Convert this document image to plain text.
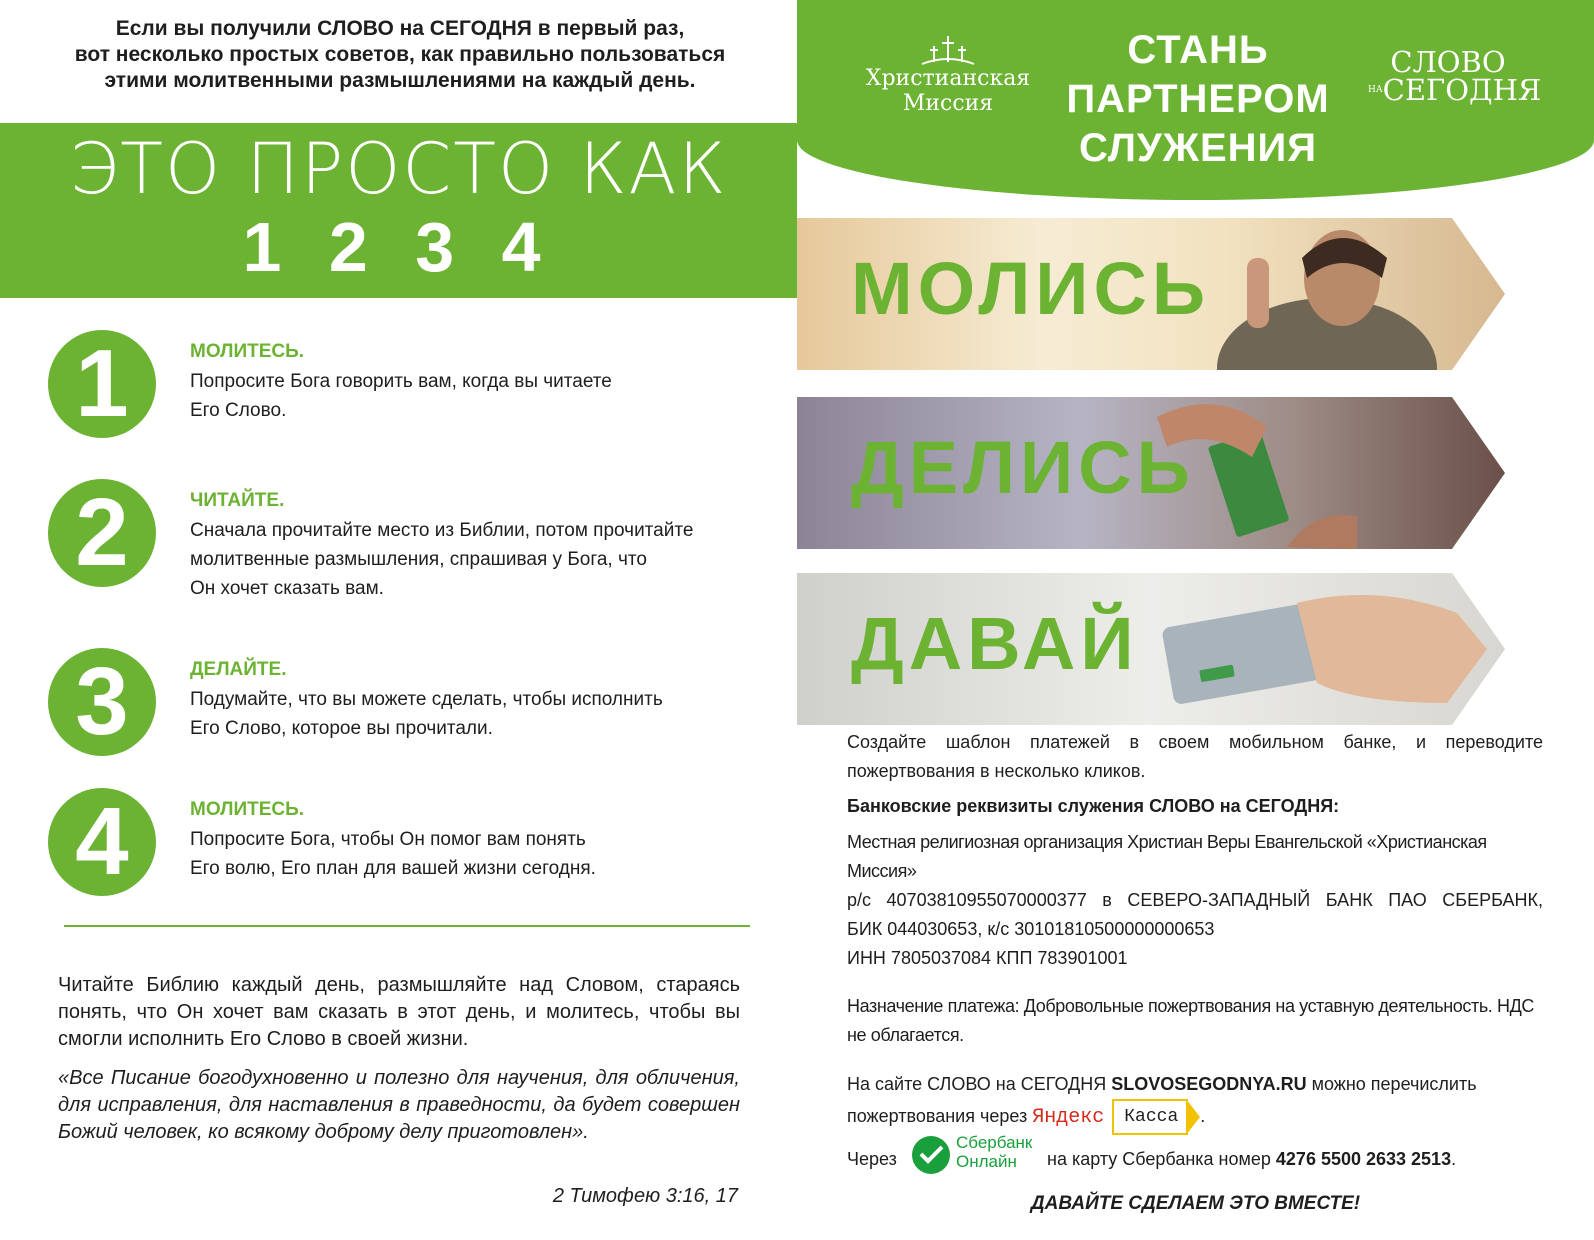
Если вы получили СЛОВО на СЕГОДНЯ в первый раз,
вот несколько простых советов, как правильно пользоваться
этими молитвенными размышлениями на каждый день.
ЭТО ПРОСТО КАК
1 2 3 4
1	МОЛИТЕСЬ.
Попросите Бога говорить вам, когда вы читаете
Его Слово.
2	ЧИТАЙТЕ.
Сначала прочитайте место из Библии, потом прочитайте
молитвенные размышления, спрашивая у Бога, что
Он хочет сказать вам.
3	ДЕЛАЙТЕ.
Подумайте, что вы можете сделать, чтобы исполнить
Его Слово, которое вы прочитали.
4	МОЛИТЕСЬ.
Попросите Бога, чтобы Он помог вам понять
Его волю, Его план для вашей жизни сегодня.
Читайте Библию каждый день, размышляйте над Словом, стараясь понять, что Он хочет вам сказать в этот день, и молитесь, чтобы вы смогли исполнить Его Слово в своей жизни.
«Все Писание богодухновенно и полезно для научения, для обличения, для исправления, для наставления в праведности, да будет совершен Божий человек, ко всякому доброму делу приготовлен».
2 Тимофею 3:16, 17
Христианская
Миссия
СТАНЬ
ПАРТНЕРОМ
СЛУЖЕНИЯ
СЛОВО
$^{НА}$СЕГОДНЯ
МОЛИСЬ
ДЕЛИСЬ
ДАВАЙ
Создайте шаблон платежей в своем мобильном банке, и переводите пожертвования в несколько кликов.
Банковские реквизиты служения СЛОВО на СЕГОДНЯ:
Местная религиозная организация Христиан Веры Евангельской «Христианская Миссия»
р/с 40703810955070000377 в СЕВЕРО-ЗАПАДНЫЙ БАНК ПАО СБЕРБАНК,
БИК 044030653, к/с 30101810500000000653
ИНН 7805037084 КПП 783901001
Назначение платежа: Добровольные пожертвования на уставную деятельность. НДС не облагается.
На сайте СЛОВО на СЕГОДНЯ SLOVOSEGODNYA.RU можно перечислить
пожертвования через Яндекс Касса .
Через
Сбербанк
Онлайн	на карту Сбербанка номер 4276 5500 2633 2513.
ДАВАЙТЕ СДЕЛАЕМ ЭТО ВМЕСТЕ!
